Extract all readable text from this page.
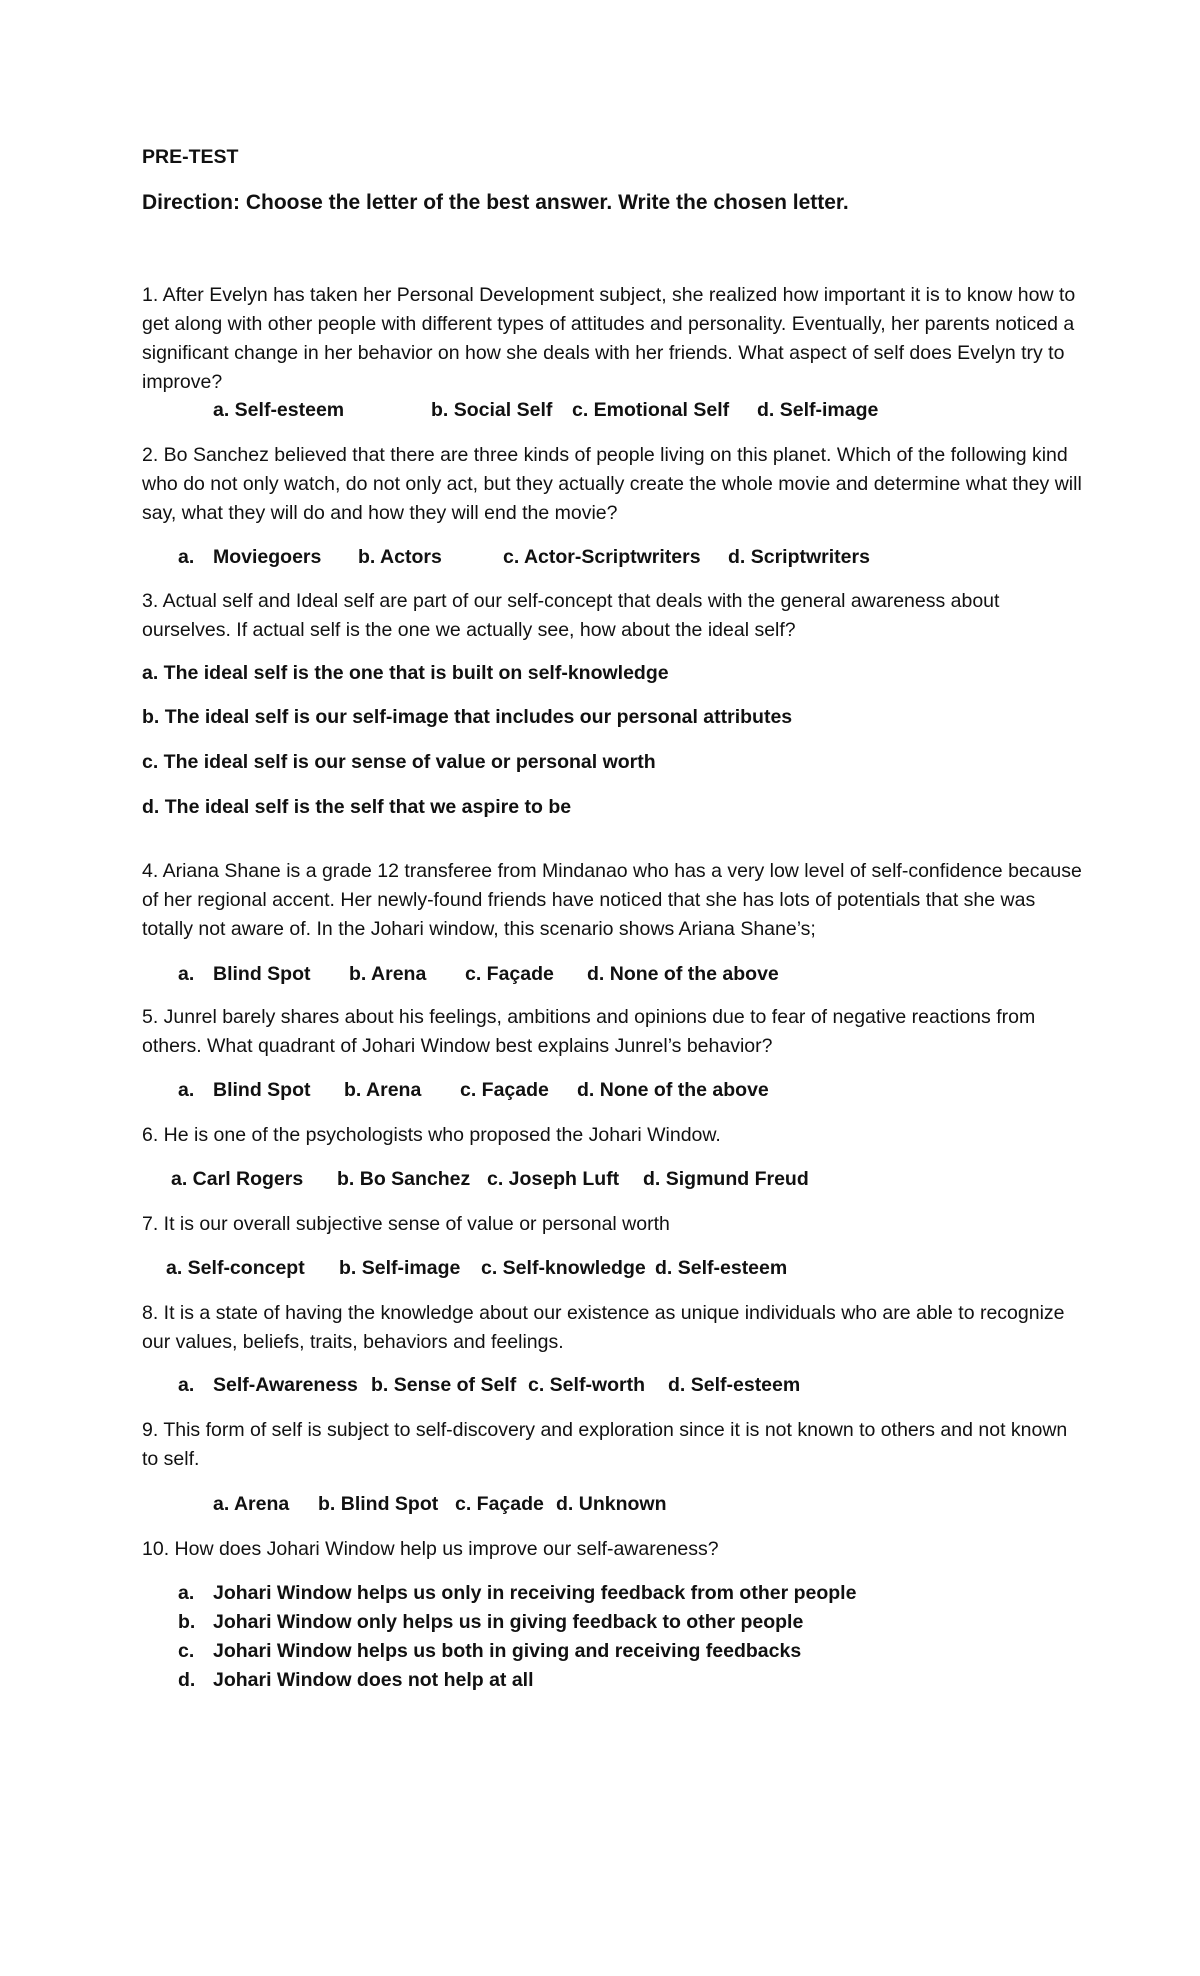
PRE-TEST

Direction: Choose the letter of the best answer. Write the chosen letter.

1. After Evelyn has taken her Personal Development subject, she realized how important it is to know how to get along with other people with different types of attitudes and personality. Eventually, her parents noticed a significant change in her behavior on how she deals with her friends. What aspect of self does Evelyn try to improve?

a. Self-esteem	b. Social Self c. Emotional Self d. Self-image

2. Bo Sanchez believed that there are three kinds of people living on this planet. Which of the following kind who do not only watch, do not only act, but they actually create the whole movie and determine what they will say, what they will do and how they will end the movie?

a. Moviegoers b. Actors	c. Actor-Scriptwriters d. Scriptwriters

3. Actual self and Ideal self are part of our self-concept that deals with the general awareness about ourselves. If actual self is the one we actually see, how about the ideal self?

a. The ideal self is the one that is built on self-knowledge

b. The ideal self is our self-image that includes our personal attributes

c. The ideal self is our sense of value or personal worth

d. The ideal self is the self that we aspire to be

4. Ariana Shane is a grade 12 transferee from Mindanao who has a very low level of self-confidence because of her regional accent. Her newly-found friends have noticed that she has lots of potentials that she was totally not aware of. In the Johari window, this scenario shows Ariana Shane’s;

a. Blind Spot b. Arena c. Façade d. None of the above

5. Junrel barely shares about his feelings, ambitions and opinions due to fear of negative reactions from others. What quadrant of Johari Window best explains Junrel’s behavior?

a. Blind Spot b. Arena c. Façade d. None of the above

6. He is one of the psychologists who proposed the Johari Window.

a. Carl Rogers b. Bo Sanchez c. Joseph Luft d. Sigmund Freud

7. It is our overall subjective sense of value or personal worth

a. Self-concept b. Self-image c. Self-knowledge d. Self-esteem

8. It is a state of having the knowledge about our existence as unique individuals who are able to recognize our values, beliefs, traits, behaviors and feelings.

a. Self-Awareness b. Sense of Self c. Self-worth d. Self-esteem

9. This form of self is subject to self-discovery and exploration since it is not known to others and not known to self.

a. Arena b. Blind Spot c. Façade d. Unknown

10. How does Johari Window help us improve our self-awareness?

a. Johari Window helps us only in receiving feedback from other people

b. Johari Window only helps us in giving feedback to other people

c. Johari Window helps us both in giving and receiving feedbacks

d. Johari Window does not help at all
